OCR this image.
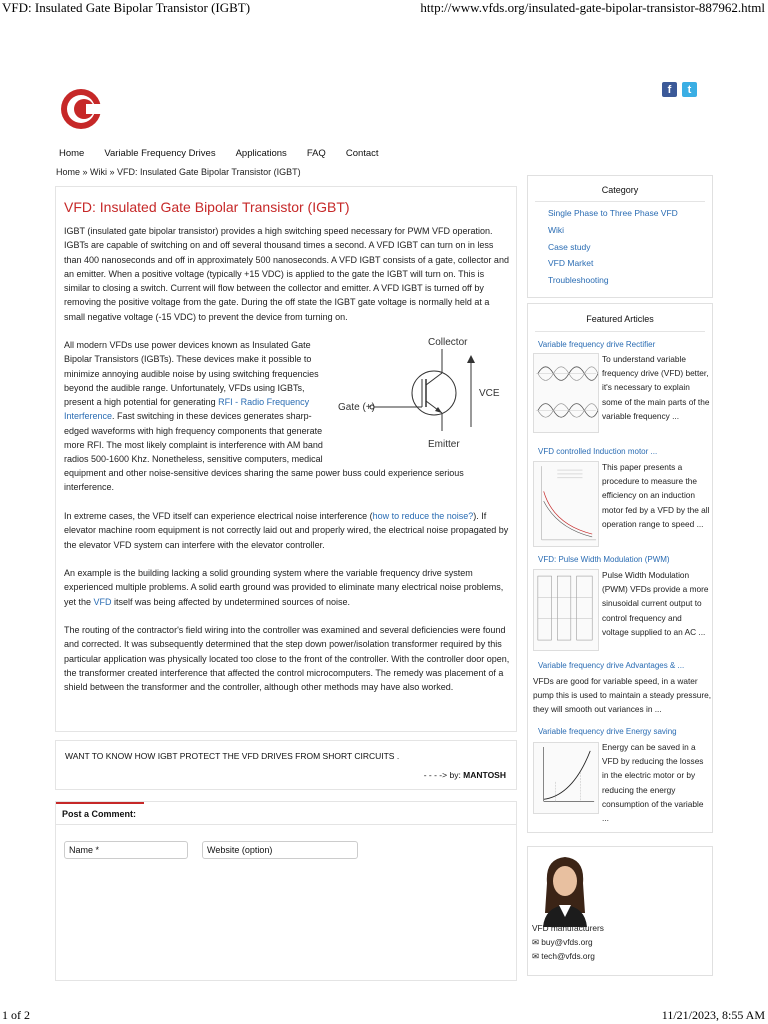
VFD: Insulated Gate Bipolar Transistor (IGBT)	http://www.vfds.org/insulated-gate-bipolar-transistor-887962.html
f	t
Home Variable Frequency Drives Applications FAQ Contact
Home » Wiki » VFD: Insulated Gate Bipolar Transistor (IGBT)
VFD: Insulated Gate Bipolar Transistor (IGBT)
IGBT (insulated gate bipolar transistor) provides a high switching speed necessary for PWM VFD operation. IGBTs are capable of switching on and off several thousand times a second. A VFD IGBT can turn on in less than 400 nanoseconds and off in approximately 500 nanoseconds. A VFD IGBT consists of a gate, collector and an emitter. When a positive voltage (typically +15 VDC) is applied to the gate the IGBT will turn on. This is similar to closing a switch. Current will flow between the collector and emitter. A VFD IGBT is turned off by removing the positive voltage from the gate. During the off state the IGBT gate voltage is normally held at a small negative voltage (-15 VDC) to prevent the device from turning on.
All modern VFDs use power devices known as Insulated Gate Bipolar Transistors (IGBTs). These devices make it possible to minimize annoying audible noise by using switching frequencies beyond the audible range. Unfortunately, VFDs using IGBTs, present a high potential for generating RFI - Radio Frequency Interference. Fast switching in these devices generates sharp-edged waveforms with high frequency components that generate more RFI. The most likely complaint is interference with AM band radios 500-1600 Khz. Nonetheless, sensitive computers, medical
equipment and other noise-sensitive devices sharing the same power buss could experience serious interference.
Collector
Gate (+)
VCE
Emitter
In extreme cases, the VFD itself can experience electrical noise interference (how to reduce the noise?). If elevator machine room equipment is not correctly laid out and properly wired, the electrical noise propagated by the elevator VFD system can interfere with the elevator controller.
An example is the building lacking a solid grounding system where the variable frequency drive system experienced multiple problems. A solid earth ground was provided to eliminate many electrical noise problems, yet the VFD itself was being affected by undetermined sources of noise.
The routing of the contractor's field wiring into the controller was examined and several deficiencies were found and corrected. It was subsequently determined that the step down power/isolation transformer required by this particular application was physically located too close to the front of the controller. With the controller door open, the transformer created interference that affected the control microcomputers. The remedy was placement of a shield between the transformer and the controller, although other methods may have also worked.
WANT TO KNOW HOW IGBT PROTECT THE VFD DRIVES FROM SHORT CIRCUITS .
- - - -> by: MANTOSH
Post a Comment:
Name *	Website (option)
Category
Single Phase to Three Phase VFD
Wiki
Case study
VFD Market
Troubleshooting
Featured Articles
Variable frequency drive Rectifier
To understand variable frequency drive (VFD) better, it's necessary to explain some of the main parts of the variable frequency ...
VFD controlled Induction motor ...
This paper presents a procedure to measure the efficiency on an induction motor fed by a VFD by the all operation range to speed ...
VFD: Pulse Width Modulation (PWM)
Pulse Width Modulation (PWM) VFDs provide a more sinusoidal current output to control frequency and voltage supplied to an AC ...
Variable frequency drive Advantages & ...
VFDs are good for variable speed, in a water pump this is used to maintain a steady pressure, they will smooth out variances in ...
Variable frequency drive Energy saving
Energy can be saved in a VFD by reducing the losses in the electric motor or by reducing the energy consumption of the variable ...
VFD manufacturers
✉ buy@vfds.org
✉ tech@vfds.org
1 of 2	11/21/2023, 8:55 AM
